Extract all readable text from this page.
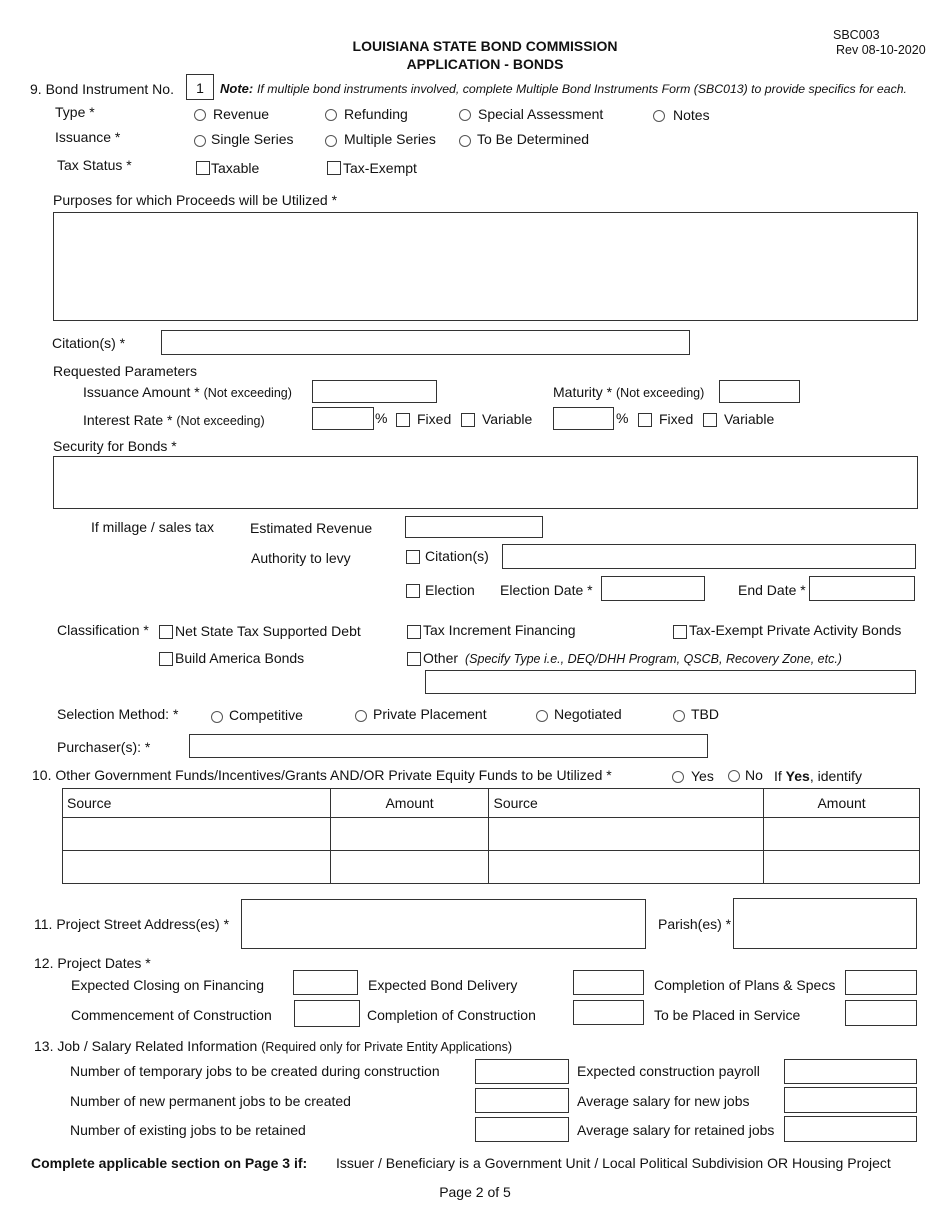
LOUISIANA STATE BOND COMMISSION
APPLICATION - BONDS
SBC003
Rev 08-10-2020
9. Bond Instrument No.	1	Note: If multiple bond instruments involved, complete Multiple Bond Instruments Form (SBC013) to provide specifics for each.
Type *	Revenue	Refunding	Special Assessment	Notes
Issuance *	Single Series	Multiple Series	To Be Determined
Tax Status *	Taxable	Tax-Exempt
Purposes for which Proceeds will be Utilized *
Citation(s) *
Requested Parameters
Issuance Amount * (Not exceeding)	Maturity * (Not exceeding)
Interest Rate * (Not exceeding)	% Fixed Variable	% Fixed Variable
Security for Bonds *
If millage / sales tax	Estimated Revenue
Authority to levy	Citation(s)
Election Election Date *	End Date *
Classification * Net State Tax Supported Debt	Tax Increment Financing	Tax-Exempt Private Activity Bonds
Build America Bonds	Other (Specify Type i.e., DEQ/DHH Program, QSCB, Recovery Zone, etc.)
Selection Method: *	Competitive	Private Placement	Negotiated	TBD
Purchaser(s): *
10. Other Government Funds/Incentives/Grants AND/OR Private Equity Funds to be Utilized *	Yes No If Yes, identify
Source	Amount	Source	Amount

11. Project Street Address(es) *	Parish(es) *
12. Project Dates *
Expected Closing on Financing	Expected Bond Delivery	Completion of Plans & Specs
Commencement of Construction	Completion of Construction	To be Placed in Service
13. Job / Salary Related Information (Required only for Private Entity Applications)
Number of temporary jobs to be created during construction	Expected construction payroll
Number of new permanent jobs to be created	Average salary for new jobs
Number of existing jobs to be retained	Average salary for retained jobs
Complete applicable section on Page 3 if: Issuer / Beneficiary is a Government Unit / Local Political Subdivision OR Housing Project
Page 2 of 5
